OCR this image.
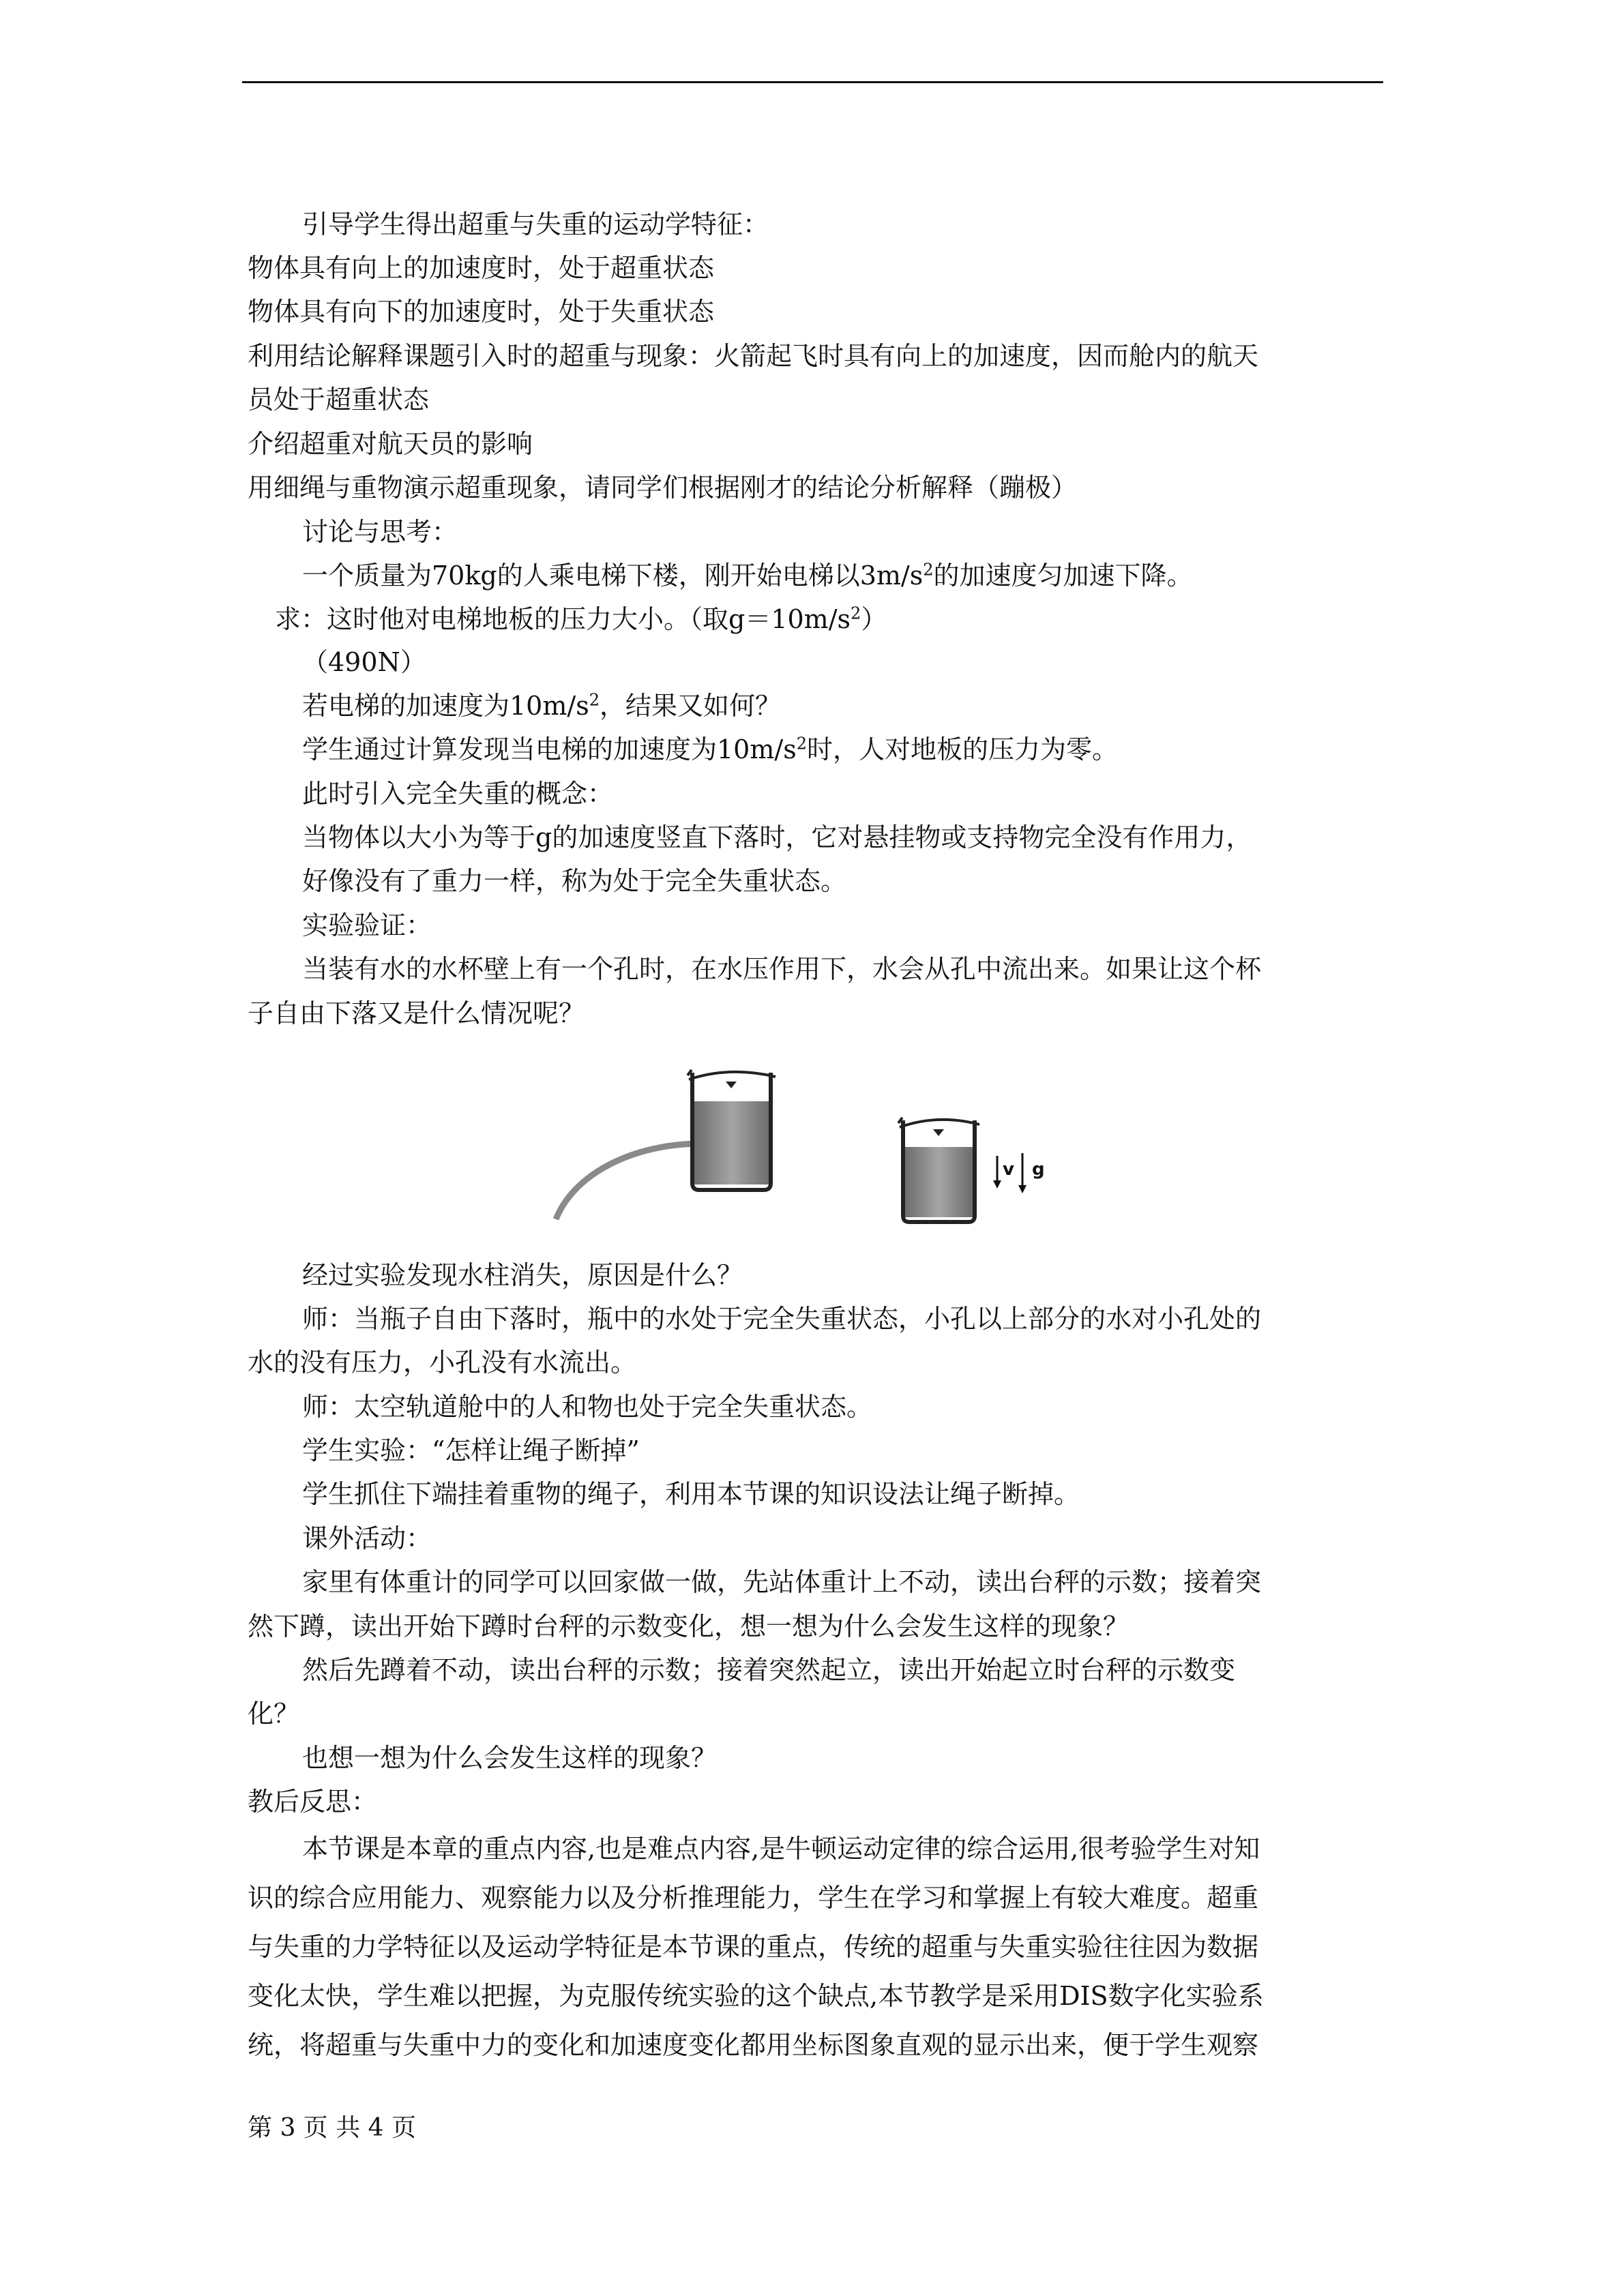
引导学生得出超重与失重的运动学特征：
物体具有向上的加速度时，处于超重状态
物体具有向下的加速度时，处于失重状态
利用结论解释课题引入时的超重与现象：火箭起飞时具有向上的加速度，因而舱内的航天
员处于超重状态
介绍超重对航天员的影响
用细绳与重物演示超重现象，请同学们根据刚才的结论分析解释（蹦极）
讨论与思考：
一个质量为70kg的人乘电梯下楼，刚开始电梯以$3m/s^2$的加速度匀加速下降。
求：这时他对电梯地板的压力大小。（取$g=10m/s^2$）
（490N）
若电梯的加速度为$10m/s^2$，结果又如何？
学生通过计算发现当电梯的加速度为$10m/s^2$时，人对地板的压力为零。
此时引入完全失重的概念：
当物体以大小为等于g的加速度竖直下落时，它对悬挂物或支持物完全没有作用力，
好像没有了重力一样，称为处于完全失重状态。
实验验证：
当装有水的水杯壁上有一个孔时，在水压作用下，水会从孔中流出来。如果让这个杯
子自由下落又是什么情况呢？
v g
经过实验发现水柱消失，原因是什么？
师：当瓶子自由下落时，瓶中的水处于完全失重状态，小孔以上部分的水对小孔处的
水的没有压力，小孔没有水流出。
师：太空轨道舱中的人和物也处于完全失重状态。
学生实验：“怎样让绳子断掉”
学生抓住下端挂着重物的绳子，利用本节课的知识设法让绳子断掉。
课外活动：
家里有体重计的同学可以回家做一做，先站体重计上不动，读出台秤的示数；接着突
然下蹲，读出开始下蹲时台秤的示数变化，想一想为什么会发生这样的现象？
然后先蹲着不动，读出台秤的示数；接着突然起立，读出开始起立时台秤的示数变
化？
也想一想为什么会发生这样的现象？
教后反思：
本节课是本章的重点内容,也是难点内容,是牛顿运动定律的综合运用,很考验学生对知
识的综合应用能力、观察能力以及分析推理能力，学生在学习和掌握上有较大难度。超重
与失重的力学特征以及运动学特征是本节课的重点，传统的超重与失重实验往往因为数据
变化太快，学生难以把握，为克服传统实验的这个缺点,本节教学是采用DIS数字化实验系
统，将超重与失重中力的变化和加速度变化都用坐标图象直观的显示出来，便于学生观察
第 3 页 共 4 页
